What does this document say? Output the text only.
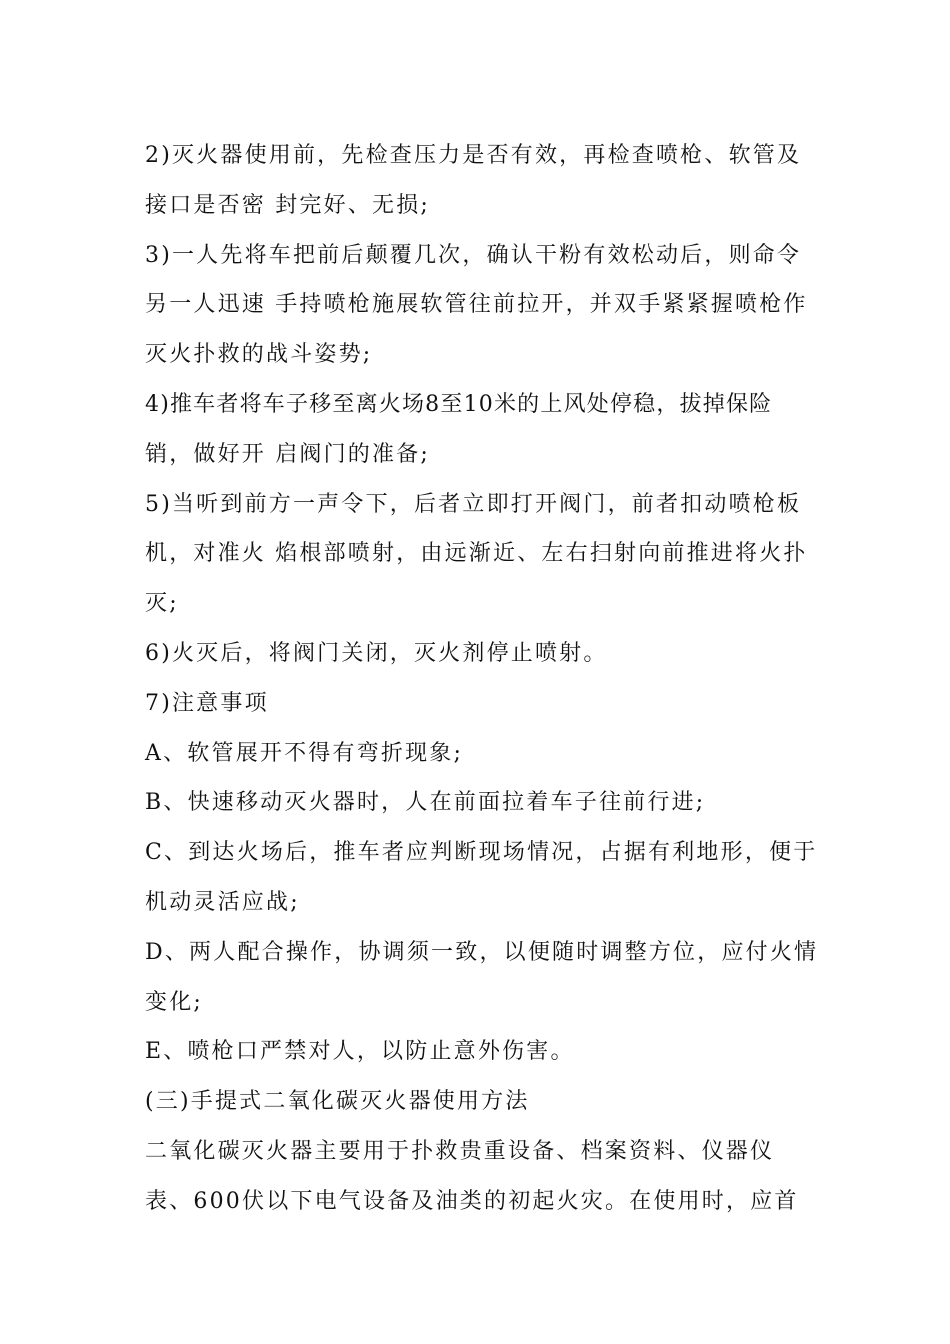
2)灭火器使用前，先检查压力是否有效，再检查喷枪、软管及
接口是否密 封完好、无损;
3)一人先将车把前后颠覆几次，确认干粉有效松动后，则命令
另一人迅速 手持喷枪施展软管往前拉开，并双手紧紧握喷枪作
灭火扑救的战斗姿势;
4)推车者将车子移至离火场8至10米的上风处停稳，拔掉保险
销，做好开 启阀门的准备;
5)当听到前方一声令下，后者立即打开阀门，前者扣动喷枪板
机，对准火 焰根部喷射，由远渐近、左右扫射向前推进将火扑
灭;
6)火灭后，将阀门关闭，灭火剂停止喷射。
7)注意事项
A、软管展开不得有弯折现象;
B、快速移动灭火器时，人在前面拉着车子往前行进;
C、到达火场后，推车者应判断现场情况，占据有利地形，便于
机动灵活应战;
D、两人配合操作，协调须一致，以便随时调整方位，应付火情
变化;
E、喷枪口严禁对人，以防止意外伤害。
(三)手提式二氧化碳灭火器使用方法
二氧化碳灭火器主要用于扑救贵重设备、档案资料、仪器仪
表、600伏以下电气设备及油类的初起火灾。在使用时，应首
